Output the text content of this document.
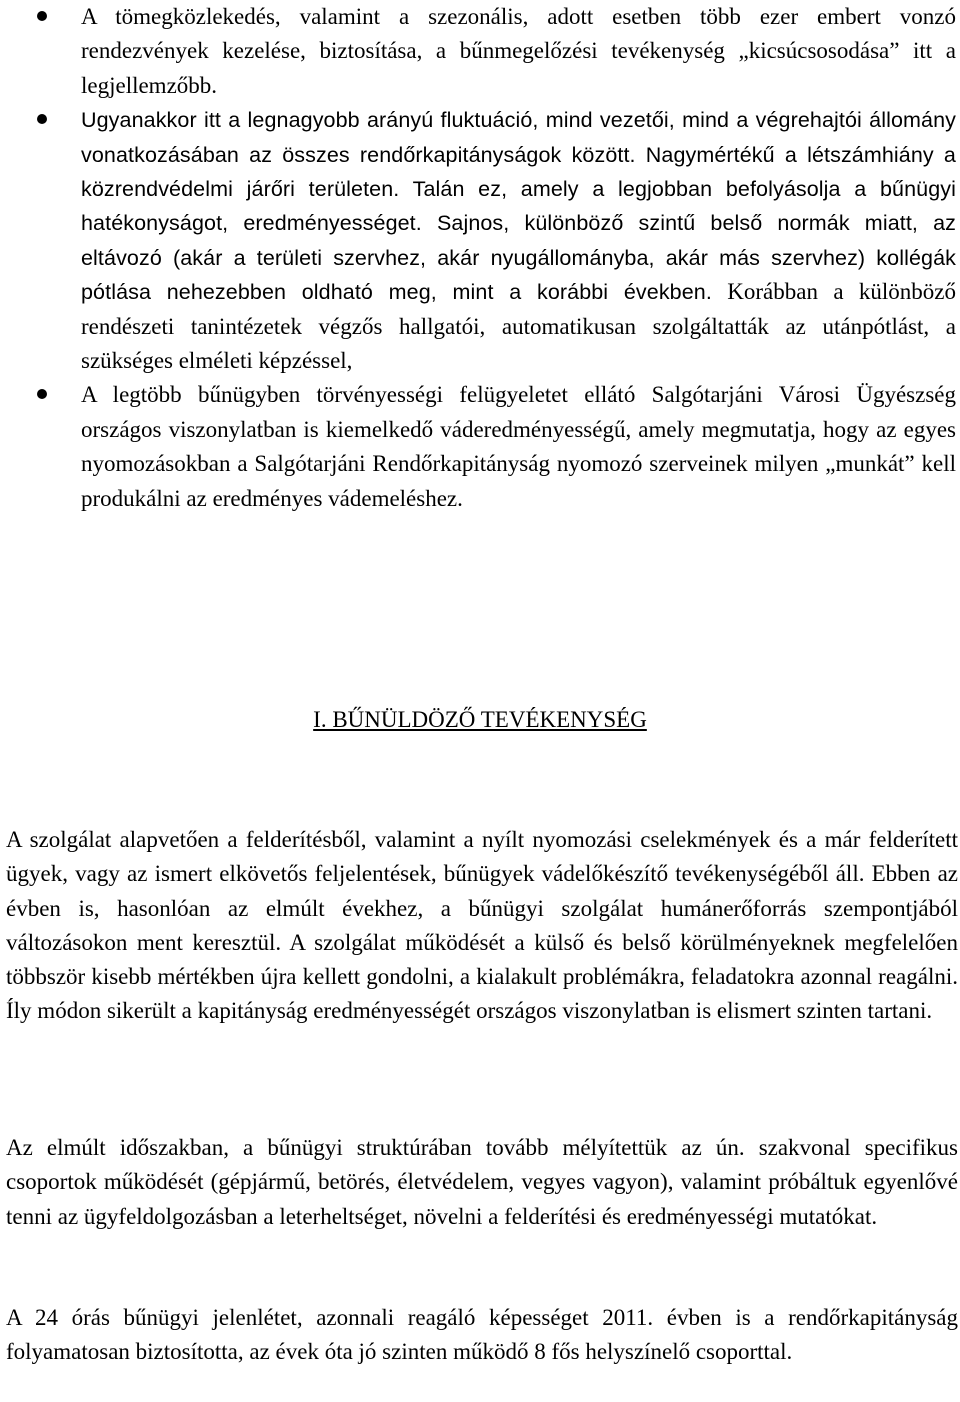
A tömegközlekedés, valamint a szezonális, adott esetben több ezer embert vonzó rendezvények kezelése, biztosítása, a bűnmegelőzési tevékenység „kicsúcsosodása” itt a legjellemzőbb.
Ugyanakkor itt a legnagyobb arányú fluktuáció, mind vezetői, mind a végrehajtói állomány vonatkozásában az összes rendőrkapitányságok között. Nagymértékű a létszámhiány a közrendvédelmi járőri területen. Talán ez, amely a legjobban befolyásolja a bűnügyi hatékonyságot, eredményességet. Sajnos, különböző szintű belső normák miatt, az eltávozó (akár a területi szervhez, akár nyugállományba, akár más szervhez) kollégák pótlása nehezebben oldható meg, mint a korábbi években. Korábban a különböző rendészeti tanintézetek végzős hallgatói, automatikusan szolgáltatták az utánpótlást, a szükséges elméleti képzéssel,
A legtöbb bűnügyben törvényességi felügyeletet ellátó Salgótarjáni Városi Ügyészség országos viszonylatban is kiemelkedő váderedményességű, amely megmutatja, hogy az egyes nyomozásokban a Salgótarjáni Rendőrkapitányság nyomozó szerveinek milyen „munkát” kell produkálni az eredményes vádemeléshez.
I. BŰNÜLDÖZŐ TEVÉKENYSÉG

A szolgálat alapvetően a felderítésből, valamint a nyílt nyomozási cselekmények és a már felderített ügyek, vagy az ismert elkövetős feljelentések, bűnügyek vádelőkészítő tevékenységéből áll. Ebben az évben is, hasonlóan az elmúlt évekhez, a bűnügyi szolgálat humánerőforrás szempontjából változásokon ment keresztül. A szolgálat működését a külső és belső körülményeknek megfelelően többször kisebb mértékben újra kellett gondolni, a kialakult problémákra, feladatokra azonnal reagálni. Íly módon sikerült a kapitányság eredményességét országos viszonylatban is elismert szinten tartani.

Az elmúlt időszakban, a bűnügyi struktúrában tovább mélyítettük az ún. szakvonal specifikus csoportok működését (gépjármű, betörés, életvédelem, vegyes vagyon), valamint próbáltuk egyenlővé tenni az ügyfeldolgozásban a leterheltséget, növelni a felderítési és eredményességi mutatókat.

A 24 órás bűnügyi jelenlétet, azonnali reagáló képességet 2011. évben is a rendőrkapitányság folyamatosan biztosította, az évek óta jó szinten működő 8 fős helyszínelő csoporttal.
